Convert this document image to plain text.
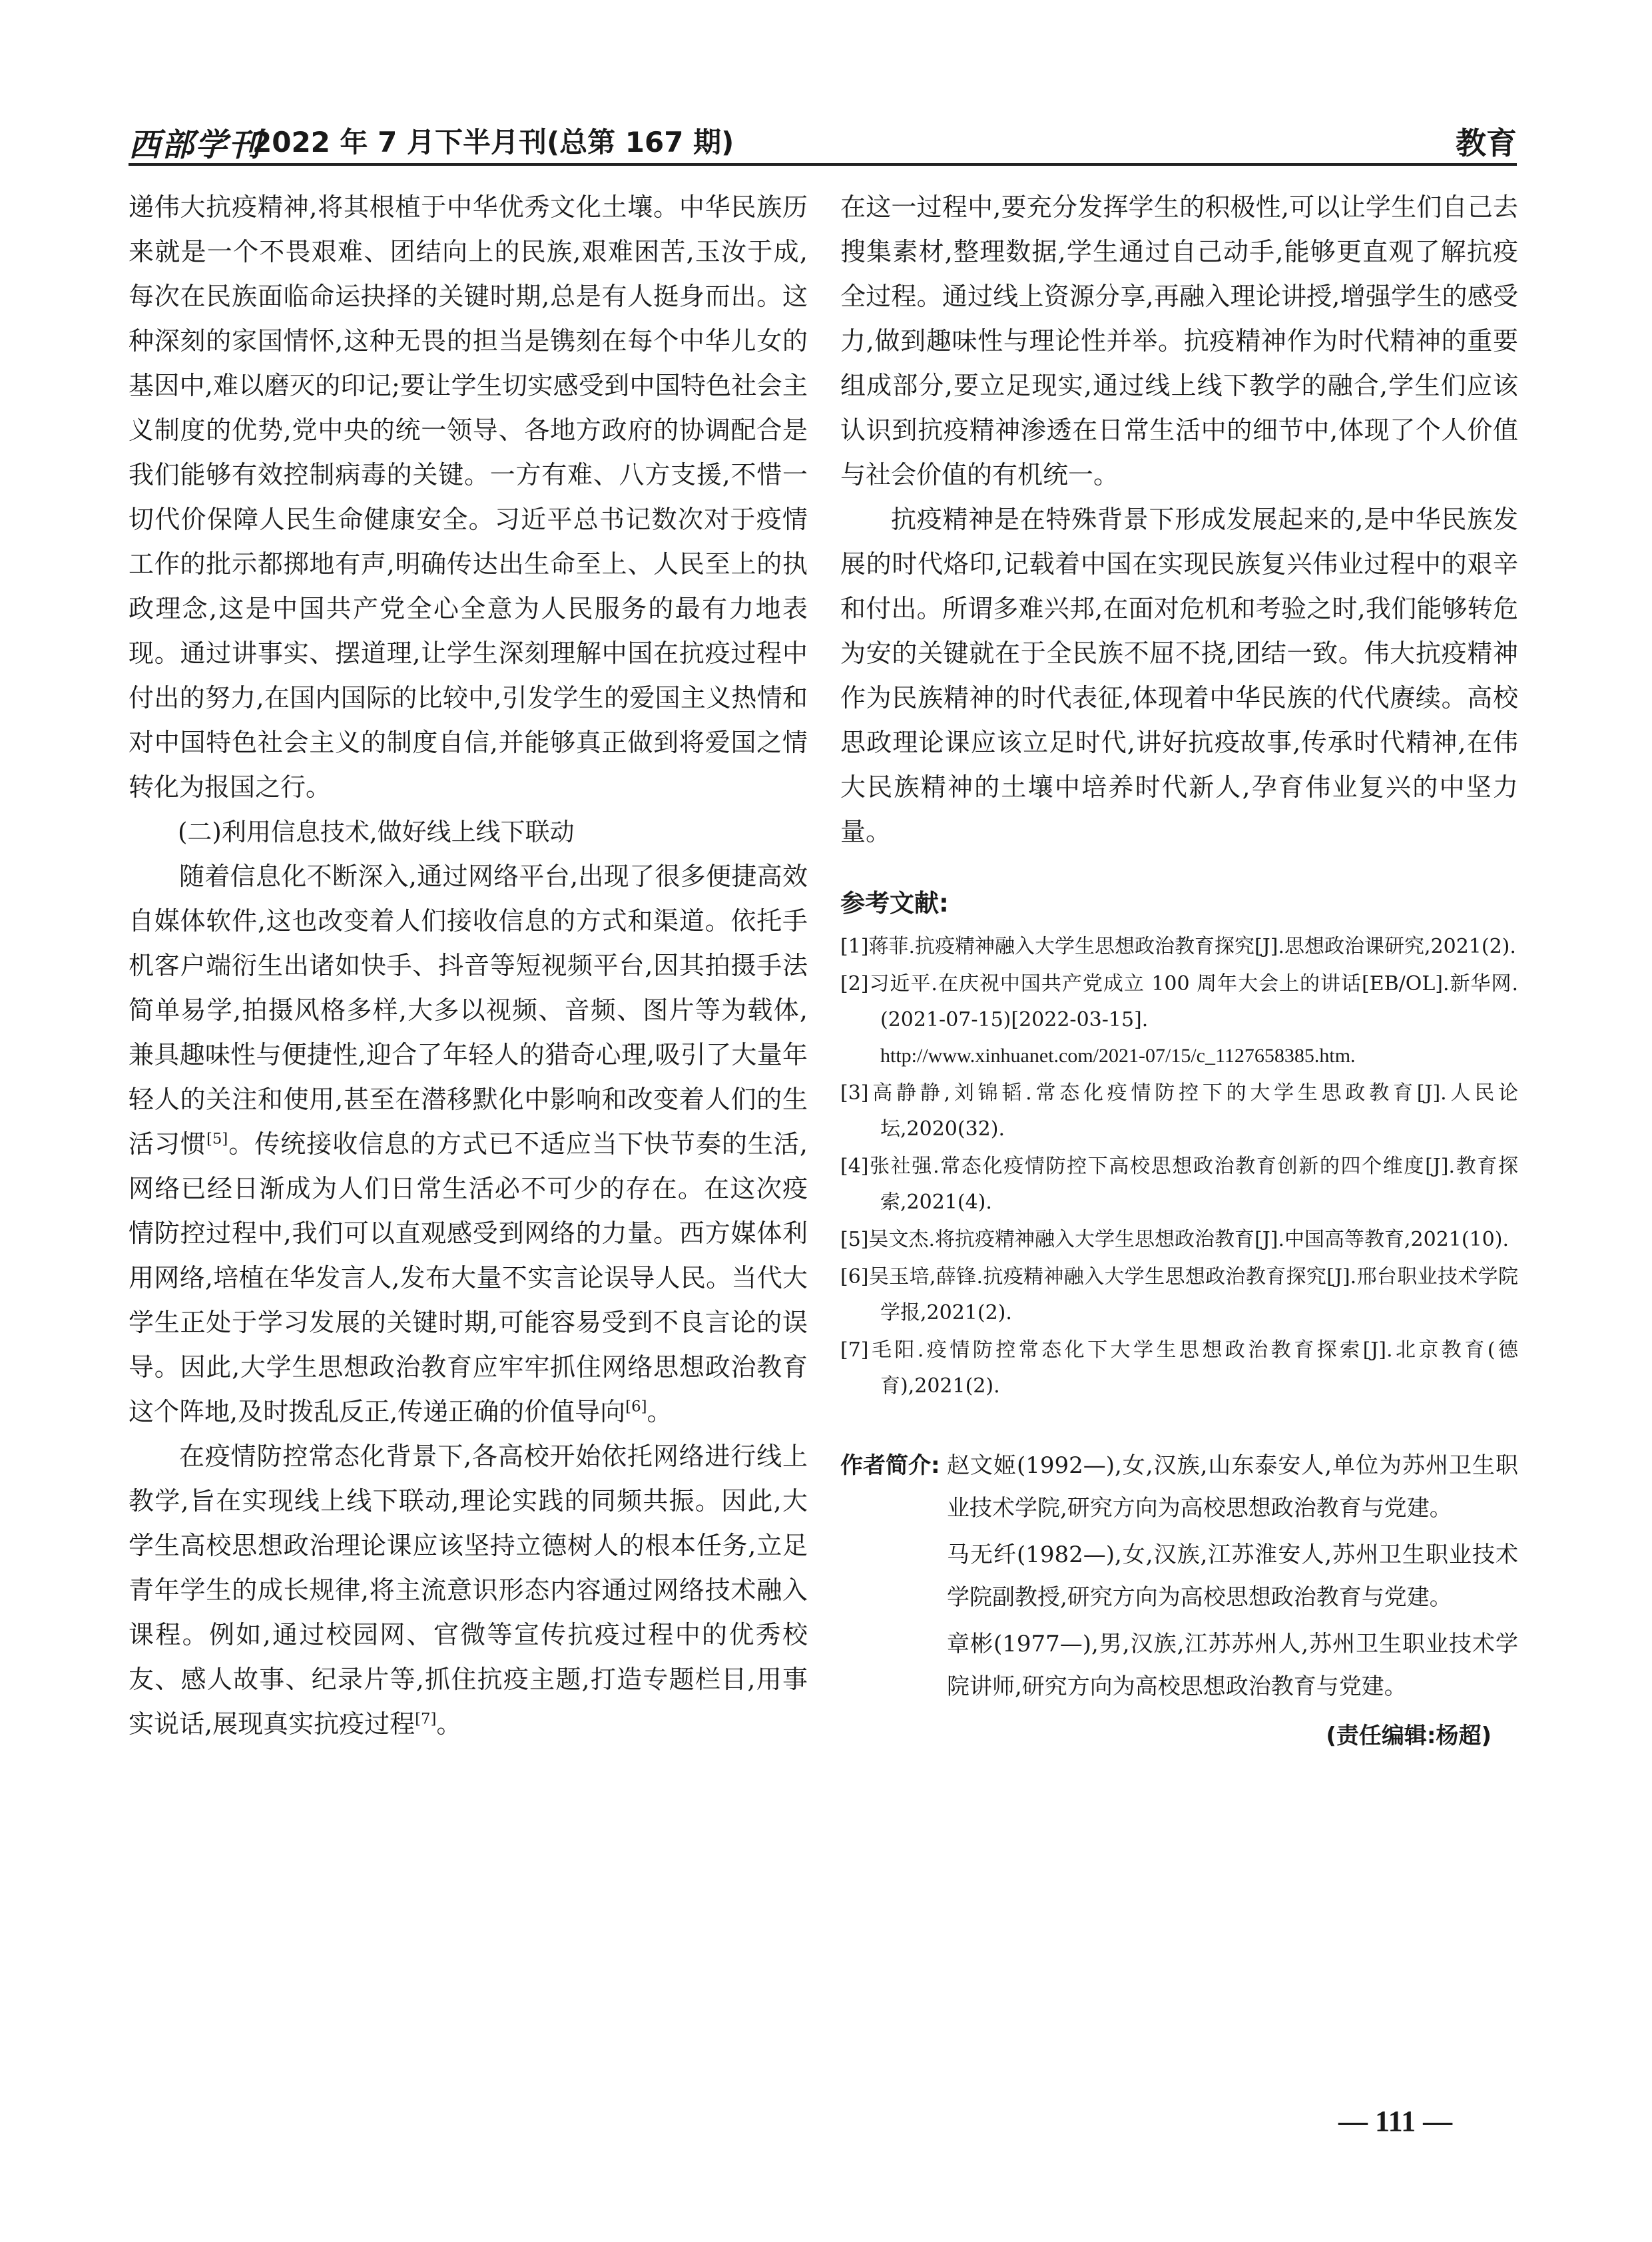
西部学刊
2022 年 7 月下半月刊(总第 167 期)	教育

递伟大抗疫精神,将其根植于中华优秀文化土壤。中华民族历来就是一个不畏艰难、团结向上的民族,艰难困苦,玉汝于成,每次在民族面临命运抉择的关键时期,总是有人挺身而出。这种深刻的家国情怀,这种无畏的担当是镌刻在每个中华儿女的基因中,难以磨灭的印记;要让学生切实感受到中国特色社会主义制度的优势,党中央的统一领导、各地方政府的协调配合是我们能够有效控制病毒的关键。一方有难、八方支援,不惜一切代价保障人民生命健康安全。习近平总书记数次对于疫情工作的批示都掷地有声,明确传达出生命至上、人民至上的执政理念,这是中国共产党全心全意为人民服务的最有力地表现。通过讲事实、摆道理,让学生深刻理解中国在抗疫过程中付出的努力,在国内国际的比较中,引发学生的爱国主义热情和对中国特色社会主义的制度自信,并能够真正做到将爱国之情转化为报国之行。

(二)利用信息技术,做好线上线下联动

随着信息化不断深入,通过网络平台,出现了很多便捷高效自媒体软件,这也改变着人们接收信息的方式和渠道。依托手机客户端衍生出诸如快手、抖音等短视频平台,因其拍摄手法简单易学,拍摄风格多样,大多以视频、音频、图片等为载体,兼具趣味性与便捷性,迎合了年轻人的猎奇心理,吸引了大量年轻人的关注和使用,甚至在潜移默化中影响和改变着人们的生活习惯[5]。传统接收信息的方式已不适应当下快节奏的生活,网络已经日渐成为人们日常生活必不可少的存在。在这次疫情防控过程中,我们可以直观感受到网络的力量。西方媒体利用网络,培植在华发言人,发布大量不实言论误导人民。当代大学生正处于学习发展的关键时期,可能容易受到不良言论的误导。因此,大学生思想政治教育应牢牢抓住网络思想政治教育这个阵地,及时拨乱反正,传递正确的价值导向[6]。

在疫情防控常态化背景下,各高校开始依托网络进行线上教学,旨在实现线上线下联动,理论实践的同频共振。因此,大学生高校思想政治理论课应该坚持立德树人的根本任务,立足青年学生的成长规律,将主流意识形态内容通过网络技术融入课程。例如,通过校园网、官微等宣传抗疫过程中的优秀校友、感人故事、纪录片等,抓住抗疫主题,打造专题栏目,用事实说话,展现真实抗疫过程[7]。

在这一过程中,要充分发挥学生的积极性,可以让学生们自己去搜集素材,整理数据,学生通过自己动手,能够更直观了解抗疫全过程。通过线上资源分享,再融入理论讲授,增强学生的感受力,做到趣味性与理论性并举。抗疫精神作为时代精神的重要组成部分,要立足现实,通过线上线下教学的融合,学生们应该认识到抗疫精神渗透在日常生活中的细节中,体现了个人价值与社会价值的有机统一。

抗疫精神是在特殊背景下形成发展起来的,是中华民族发展的时代烙印,记载着中国在实现民族复兴伟业过程中的艰辛和付出。所谓多难兴邦,在面对危机和考验之时,我们能够转危为安的关键就在于全民族不屈不挠,团结一致。伟大抗疫精神作为民族精神的时代表征,体现着中华民族的代代赓续。高校思政理论课应该立足时代,讲好抗疫故事,传承时代精神,在伟大民族精神的土壤中培养时代新人,孕育伟业复兴的中坚力量。

参考文献:

[1]蒋菲.抗疫精神融入大学生思想政治教育探究[J].思想政治课研究,2021(2).

[2]习近平.在庆祝中国共产党成立 100 周年大会上的讲话[EB/OL].新华网.(2021-07-15)[2022-03-15].
http://www.xinhuanet.com/2021-07/15/c_1127658385.htm.

[3]高静静,刘锦韬.常态化疫情防控下的大学生思政教育[J].人民论坛,2020(32).

[4]张社强.常态化疫情防控下高校思想政治教育创新的四个维度[J].教育探索,2021(4).

[5]吴文杰.将抗疫精神融入大学生思想政治教育[J].中国高等教育,2021(10).

[6]吴玉培,薛锋.抗疫精神融入大学生思想政治教育探究[J].邢台职业技术学院学报,2021(2).

[7]毛阳.疫情防控常态化下大学生思想政治教育探索[J].北京教育(德育),2021(2).

作者简介: 赵文姬(1992—),女,汉族,山东泰安人,单位为苏州卫生职业技术学院,研究方向为高校思想政治教育与党建。

马无纤(1982—),女,汉族,江苏淮安人,苏州卫生职业技术学院副教授,研究方向为高校思想政治教育与党建。

章彬(1977—),男,汉族,江苏苏州人,苏州卫生职业技术学院讲师,研究方向为高校思想政治教育与党建。

(责任编辑:杨超)
— 111 —
